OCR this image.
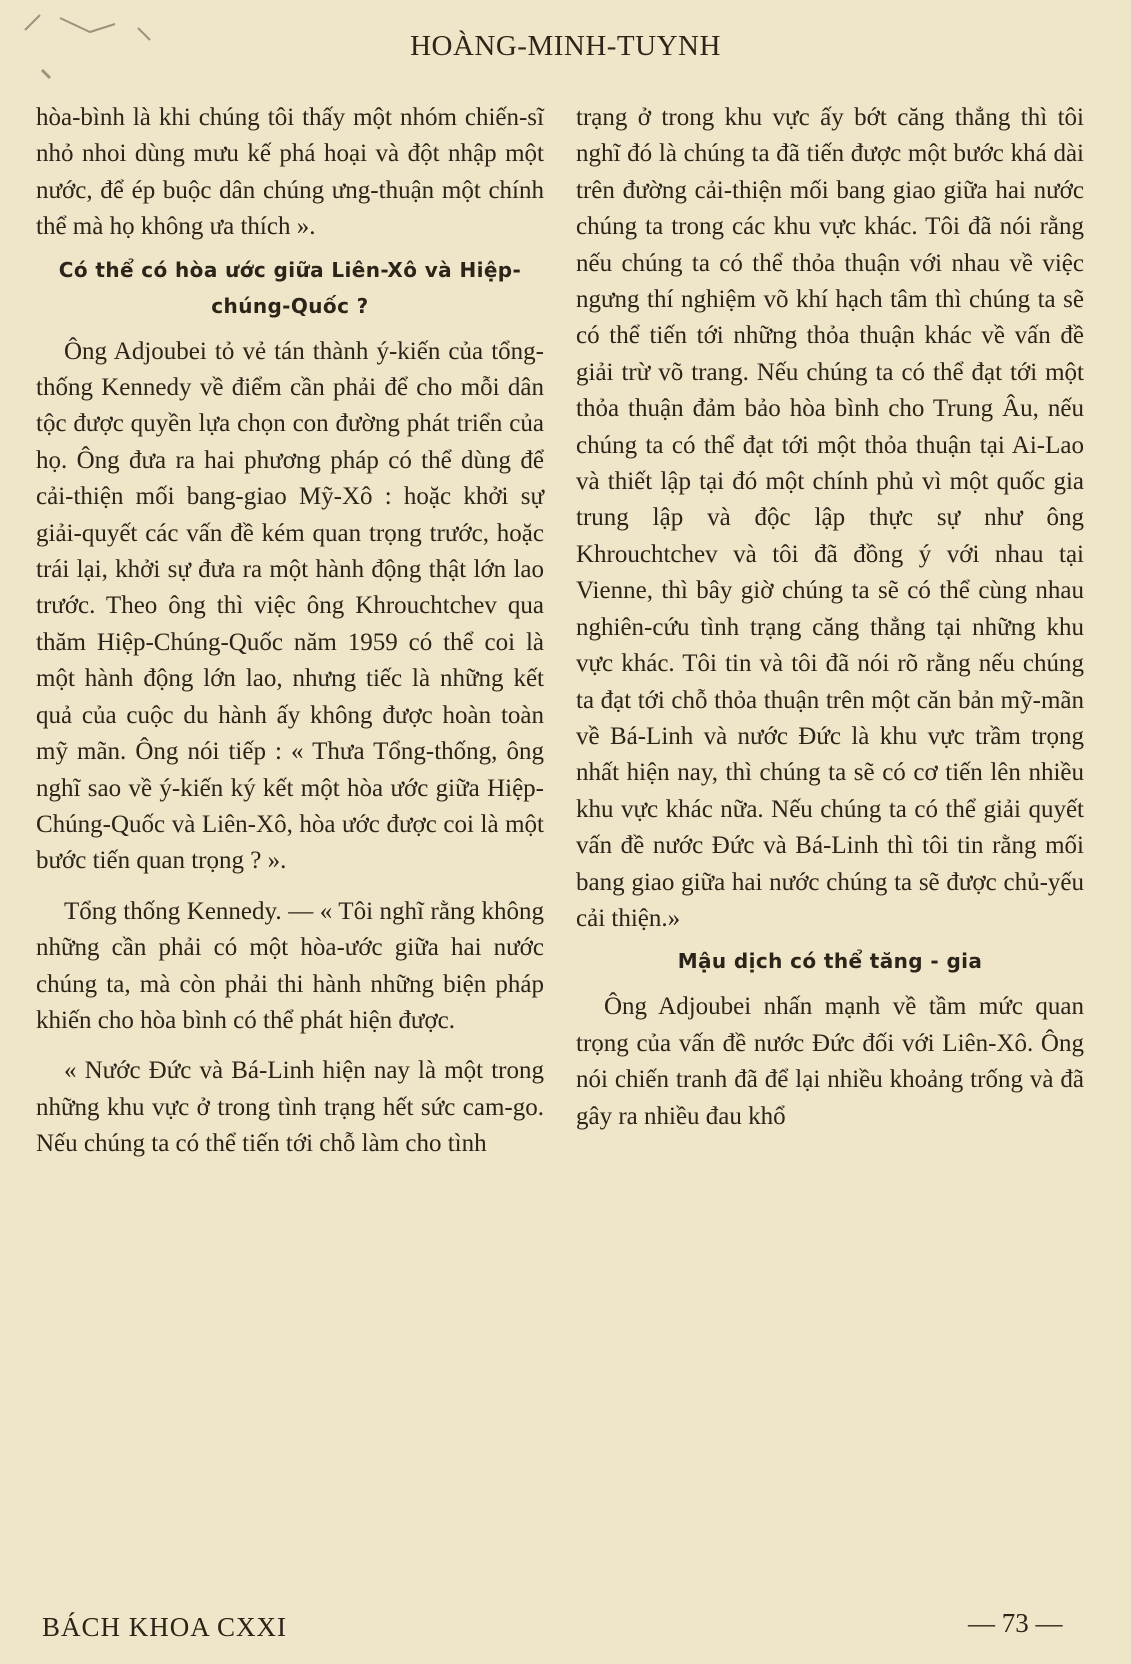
HOÀNG-MINH-TUYNH

hòa-bình là khi chúng tôi thấy một nhóm chiến-sĩ nhỏ nhoi dùng mưu kế phá hoại và đột nhập một nước, để ép buộc dân chúng ưng-thuận một chính thể mà họ không ưa thích ».

Có thể có hòa ước giữa Liên-Xô và Hiệp-chúng-Quốc ?

Ông Adjoubei tỏ vẻ tán thành ý-kiến của tổng-thống Kennedy về điểm cần phải để cho mỗi dân tộc được quyền lựa chọn con đường phát triển của họ. Ông đưa ra hai phương pháp có thể dùng để cải-thiện mối bang-giao Mỹ-Xô : hoặc khởi sự giải-quyết các vấn đề kém quan trọng trước, hoặc trái lại, khởi sự đưa ra một hành động thật lớn lao trước. Theo ông thì việc ông Khrouchtchev qua thăm Hiệp-Chúng-Quốc năm 1959 có thể coi là một hành động lớn lao, nhưng tiếc là những kết quả của cuộc du hành ấy không được hoàn toàn mỹ mãn. Ông nói tiếp : « Thưa Tổng-thống, ông nghĩ sao về ý-kiến ký kết một hòa ước giữa Hiệp-Chúng-Quốc và Liên-Xô, hòa ước được coi là một bước tiến quan trọng ? ».

Tổng thống Kennedy. — « Tôi nghĩ rằng không những cần phải có một hòa-ước giữa hai nước chúng ta, mà còn phải thi hành những biện pháp khiến cho hòa bình có thể phát hiện được.

« Nước Đức và Bá-Linh hiện nay là một trong những khu vực ở trong tình trạng hết sức cam-go. Nếu chúng ta có thể tiến tới chỗ làm cho tình

trạng ở trong khu vực ấy bớt căng thẳng thì tôi nghĩ đó là chúng ta đã tiến được một bước khá dài trên đường cải-thiện mối bang giao giữa hai nước chúng ta trong các khu vực khác. Tôi đã nói rằng nếu chúng ta có thể thỏa thuận với nhau về việc ngưng thí nghiệm võ khí hạch tâm thì chúng ta sẽ có thể tiến tới những thỏa thuận khác về vấn đề giải trừ võ trang. Nếu chúng ta có thể đạt tới một thỏa thuận đảm bảo hòa bình cho Trung Âu, nếu chúng ta có thể đạt tới một thỏa thuận tại Ai-Lao và thiết lập tại đó một chính phủ vì một quốc gia trung lập và độc lập thực sự như ông Khrouchtchev và tôi đã đồng ý với nhau tại Vienne, thì bây giờ chúng ta sẽ có thể cùng nhau nghiên-cứu tình trạng căng thẳng tại những khu vực khác. Tôi tin và tôi đã nói rõ rằng nếu chúng ta đạt tới chỗ thỏa thuận trên một căn bản mỹ-mãn về Bá-Linh và nước Đức là khu vực trầm trọng nhất hiện nay, thì chúng ta sẽ có cơ tiến lên nhiều khu vực khác nữa. Nếu chúng ta có thể giải quyết vấn đề nước Đức và Bá-Linh thì tôi tin rằng mối bang giao giữa hai nước chúng ta sẽ được chủ-yếu cải thiện.»

Mậu dịch có thể tăng - gia

Ông Adjoubei nhấn mạnh về tầm mức quan trọng của vấn đề nước Đức đối với Liên-Xô. Ông nói chiến tranh đã để lại nhiều khoảng trống và đã gây ra nhiều đau khổ

BÁCH KHOA CXXI	— 73 —
